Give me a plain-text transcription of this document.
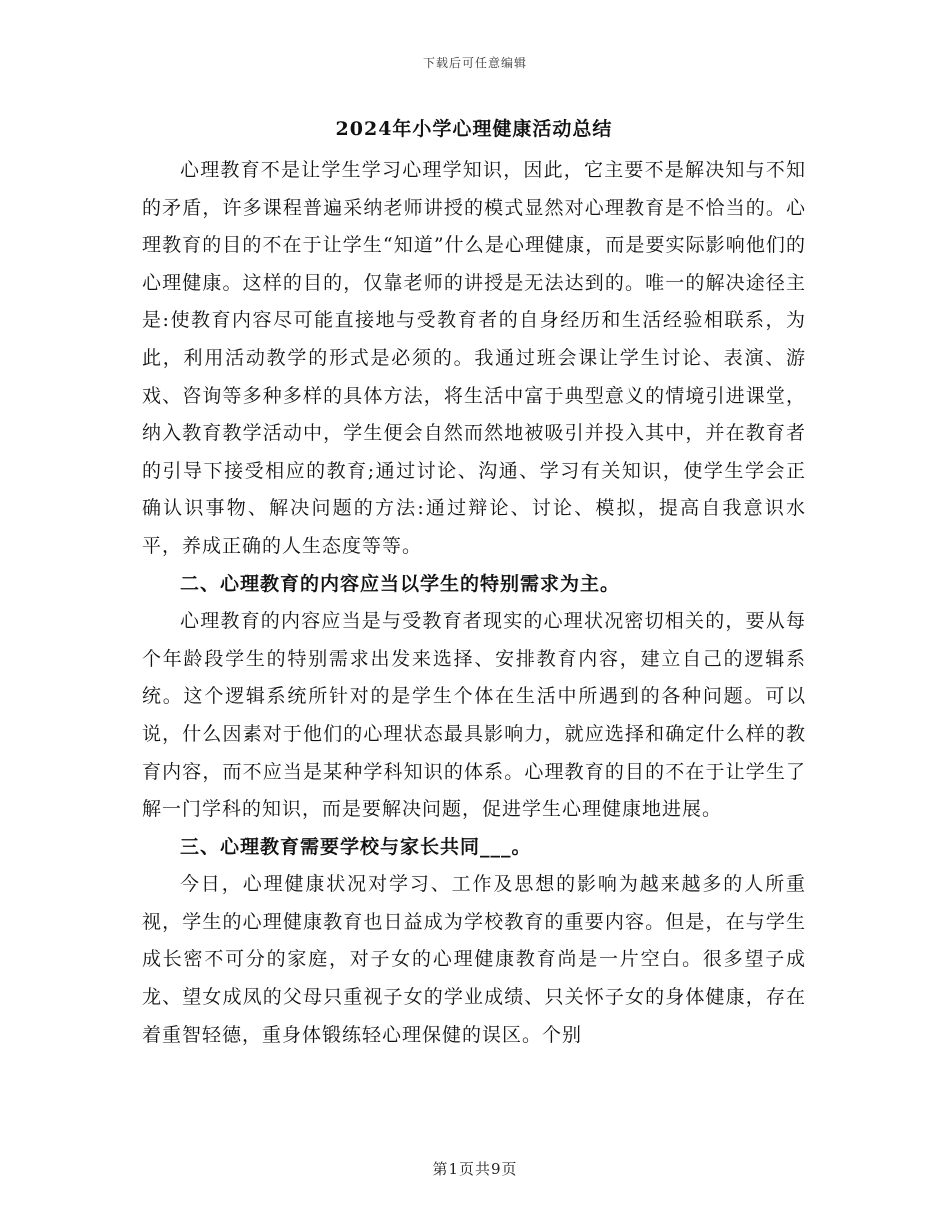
下载后可任意编辑
2024年小学心理健康活动总结

心理教育不是让学生学习心理学知识，因此，它主要不是解决知与不知的矛盾，许多课程普遍采纳老师讲授的模式显然对心理教育是不恰当的。心理教育的目的不在于让学生“知道”什么是心理健康，而是要实际影响他们的心理健康。这样的目的，仅靠老师的讲授是无法达到的。唯一的解决途径主是:使教育内容尽可能直接地与受教育者的自身经历和生活经验相联系，为此，利用活动教学的形式是必须的。我通过班会课让学生讨论、表演、游戏、咨询等多种多样的具体方法，将生活中富于典型意义的情境引进课堂，纳入教育教学活动中，学生便会自然而然地被吸引并投入其中，并在教育者的引导下接受相应的教育;通过讨论、沟通、学习有关知识，使学生学会正确认识事物、解决问题的方法:通过辩论、讨论、模拟，提高自我意识水平，养成正确的人生态度等等。

二、心理教育的内容应当以学生的特别需求为主。

心理教育的内容应当是与受教育者现实的心理状况密切相关的，要从每个年龄段学生的特别需求出发来选择、安排教育内容，建立自己的逻辑系统。这个逻辑系统所针对的是学生个体在生活中所遇到的各种问题。可以说，什么因素对于他们的心理状态最具影响力，就应选择和确定什么样的教育内容，而不应当是某种学科知识的体系。心理教育的目的不在于让学生了解一门学科的知识，而是要解决问题，促进学生心理健康地进展。

三、心理教育需要学校与家长共同___。

今日，心理健康状况对学习、工作及思想的影响为越来越多的人所重视，学生的心理健康教育也日益成为学校教育的重要内容。但是，在与学生成长密不可分的家庭，对子女的心理健康教育尚是一片空白。很多望子成龙、望女成凤的父母只重视子女的学业成绩、只关怀子女的身体健康，存在着重智轻德，重身体锻练轻心理保健的误区。个别

第1页共9页
